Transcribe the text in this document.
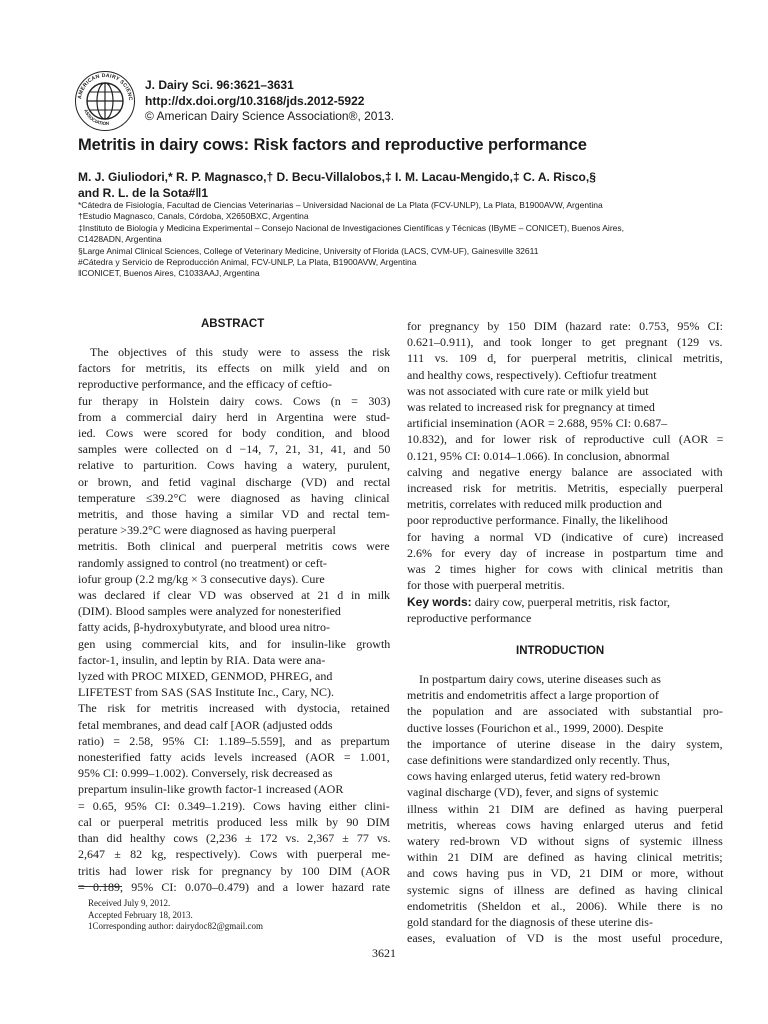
AMERICAN DAIRY SCIENC
ASSOCIATION
J. Dairy Sci. 96:3621–3631
http://dx.doi.org/10.3168/jds.2012-5922
© American Dairy Science Association®, 2013.
Metritis in dairy cows: Risk factors and reproductive performance
M. J. Giuliodori,* R. P. Magnasco,† D. Becu-Villalobos,‡ I. M. Lacau-Mengido,‡ C. A. Risco,§
and R. L. de la Sota#ǁ1
*Cátedra de Fisiología, Facultad de Ciencias Veterinarias – Universidad Nacional de La Plata (FCV-UNLP), La Plata, B1900AVW, Argentina
†Estudio Magnasco, Canals, Córdoba, X2650BXC, Argentina
‡Instituto de Biología y Medicina Experimental – Consejo Nacional de Investigaciones Científicas y Técnicas (IByME – CONICET), Buenos Aires,
C1428ADN, Argentina
§Large Animal Clinical Sciences, College of Veterinary Medicine, University of Florida (LACS, CVM-UF), Gainesville 32611
#Cátedra y Servicio de Reproducción Animal, FCV-UNLP, La Plata, B1900AVW, Argentina
ǁCONICET, Buenos Aires, C1033AAJ, Argentina
ABSTRACT
The objectives of this study were to assess the risk
factors for metritis, its effects on milk yield and on
reproductive performance, and the efficacy of ceftio-
fur therapy in Holstein dairy cows. Cows (n = 303)
from a commercial dairy herd in Argentina were stud-
ied. Cows were scored for body condition, and blood
samples were collected on d −14, 7, 21, 31, 41, and 50
relative to parturition. Cows having a watery, purulent,
or brown, and fetid vaginal discharge (VD) and rectal
temperature ≤39.2°C were diagnosed as having clinical
metritis, and those having a similar VD and rectal tem-
perature >39.2°C were diagnosed as having puerperal
metritis. Both clinical and puerperal metritis cows were
randomly assigned to control (no treatment) or ceft-
iofur group (2.2 mg/kg × 3 consecutive days). Cure
was declared if clear VD was observed at 21 d in milk
(DIM). Blood samples were analyzed for nonesterified
fatty acids, β-hydroxybutyrate, and blood urea nitro-
gen using commercial kits, and for insulin-like growth
factor-1, insulin, and leptin by RIA. Data were ana-
lyzed with PROC MIXED, GENMOD, PHREG, and
LIFETEST from SAS (SAS Institute Inc., Cary, NC).
The risk for metritis increased with dystocia, retained
fetal membranes, and dead calf [AOR (adjusted odds
ratio) = 2.58, 95% CI: 1.189–5.559], and as prepartum
nonesterified fatty acids levels increased (AOR = 1.001,
95% CI: 0.999–1.002). Conversely, risk decreased as
prepartum insulin-like growth factor-1 increased (AOR
= 0.65, 95% CI: 0.349–1.219). Cows having either clini-
cal or puerperal metritis produced less milk by 90 DIM
than did healthy cows (2,236 ± 172 vs. 2,367 ± 77 vs.
2,647 ± 82 kg, respectively). Cows with puerperal me-
tritis had lower risk for pregnancy by 100 DIM (AOR
= 0.189, 95% CI: 0.070–0.479) and a lower hazard rate
for pregnancy by 150 DIM (hazard rate: 0.753, 95% CI:
0.621–0.911), and took longer to get pregnant (129 vs.
111 vs. 109 d, for puerperal metritis, clinical metritis,
and healthy cows, respectively). Ceftiofur treatment
was not associated with cure rate or milk yield but
was related to increased risk for pregnancy at timed
artificial insemination (AOR = 2.688, 95% CI: 0.687–
10.832), and for lower risk of reproductive cull (AOR =
0.121, 95% CI: 0.014–1.066). In conclusion, abnormal
calving and negative energy balance are associated with
increased risk for metritis. Metritis, especially puerperal
metritis, correlates with reduced milk production and
poor reproductive performance. Finally, the likelihood
for having a normal VD (indicative of cure) increased
2.6% for every day of increase in postpartum time and
was 2 times higher for cows with clinical metritis than
for those with puerperal metritis.
Key words: dairy cow, puerperal metritis, risk factor,
reproductive performance
INTRODUCTION
In postpartum dairy cows, uterine diseases such as
metritis and endometritis affect a large proportion of
the population and are associated with substantial pro-
ductive losses (Fourichon et al., 1999, 2000). Despite
the importance of uterine disease in the dairy system,
case definitions were standardized only recently. Thus,
cows having enlarged uterus, fetid watery red-brown
vaginal discharge (VD), fever, and signs of systemic
illness within 21 DIM are defined as having puerperal
metritis, whereas cows having enlarged uterus and fetid
watery red-brown VD without signs of systemic illness
within 21 DIM are defined as having clinical metritis;
and cows having pus in VD, 21 DIM or more, without
systemic signs of illness are defined as having clinical
endometritis (Sheldon et al., 2006). While there is no
gold standard for the diagnosis of these uterine dis-
eases, evaluation of VD is the most useful procedure,
Received July 9, 2012.
Accepted February 18, 2013.
1Corresponding author: dairydoc82@gmail.com
3621
